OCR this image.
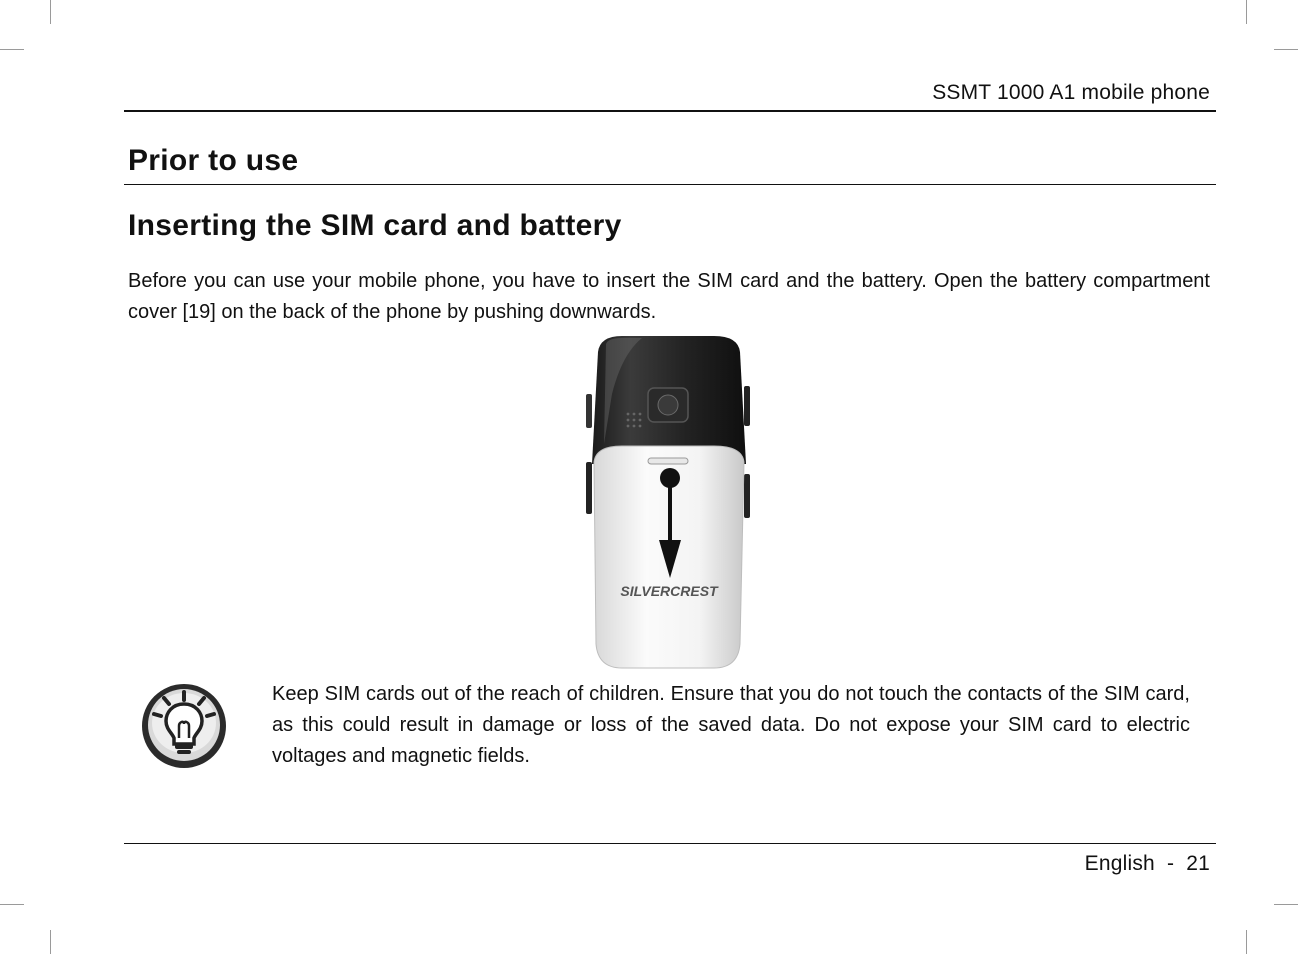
SSMT 1000 A1 mobile phone
Prior to use
Inserting the SIM card and battery

Before you can use your mobile phone, you have to insert the SIM card and the battery. Open the battery compartment cover [19] on the back of the phone by pushing downwards.

SILVERCREST

Keep SIM cards out of the reach of children. Ensure that you do not touch the contacts of the SIM card, as this could result in damage or loss of the saved data. Do not expose your SIM card to electric voltages and magnetic fields.

English - 21
